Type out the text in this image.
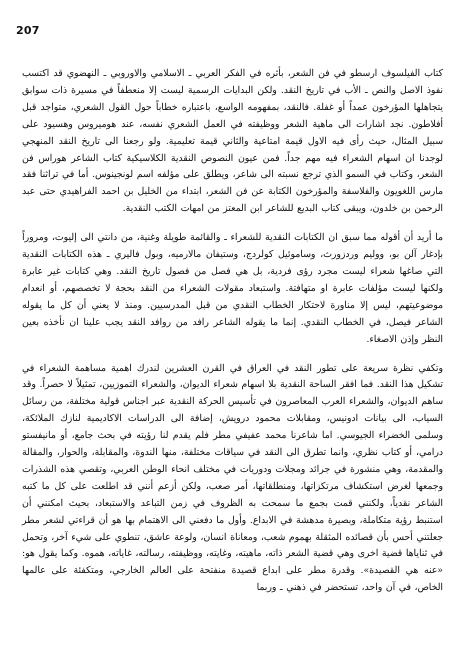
207

كتاب الفيلسوف ارسطو في فن الشعر، بأثره في الفكر العربي ـ الاسلامي والاوروبي ـ النهضوي قد اكتسب نفوذ الاصل والنص ـ الأب في تاريخ النقد. ولكن البدايات الرسمية ليست إلا منعطفاً في مسيرة ذات سوابق يتجاهلها المؤرخون عمداً أو غفلة. فالنقد، بمفهومه الواسع، باعتباره خطاباً حول القول الشعري، متواجد قبل أفلاطون. نجد اشارات الى ماهية الشعر ووظيفته في العمل الشعري نفسه، عند هوميروس وهسيود على سبيل المثال، حيث رأى فيه الاول قيمة امتاعية والثاني قيمة تعليمية. ولو رجعنا الى تاريخ النقد المنهجي لوجدنا ان اسهام الشعراء فيه مهم جداً. فمن عيون النصوص النقدية الكلاسيكية كتاب الشاعر هوراس فن الشعر، وكتاب في السمو الذي ترجع نسبته الى شاعر، ويطلق على مؤلفه اسم لونجينوس. أما في تراثنا فقد مارس اللغويون والفلاسفة والمؤرخون الكتابة عن فن الشعر، ابتداء من الخليل بن احمد الفراهيدي حتى عبد الرحمن بن خلدون، ويبقى كتاب البديع للشاعر ابن المعتز من امهات الكتب النقدية.

ما أريد أن أقوله مما سبق ان الكتابات النقدية للشعراء ـ والقائمة طويلة وغنية، من دانتي الى إليوت، ومروراً بإدغار آلن بو، ووليم وردزورث، وساموئيل كولردج، وستيفان مالارميه، وبول فاليري ـ هذه الكتابات النقدية التي صاغها شعراء ليست مجرد رؤى فردية، بل هي فصل من فصول تاريخ النقد. وهي كتابات غير عابرة ولكنها ليست مؤلفات عابرة او متهافتة. واستبعاد مقولات الشعراء من النقد بحجة لا تخصصهم، أو انعدام موضوعيتهم، ليس إلا مناورة لاحتكار الخطاب النقدي من قبل المدرسيين. ومنذ لا يعني أن كل ما يقوله الشاعر فيصل، في الخطاب النقدي. إنما ما يقوله الشاعر رافد من روافد النقد يجب علينا ان نأخذه بعين النظر وإذن الاصغاء.

وتكفي نظرة سريعة على تطور النقد في العراق في القرن العشرين لندرك اهمية مساهمة الشعراء في تشكيل هذا النقد. فما افقر الساحة النقدية بلا اسهام شعراء الديوان، والشعراء التموزيين، تمثيلاً لا حصراً. وقد ساهم الديوان، والشعراء العرب المعاصرون في تأسيس الحركة النقدية عبر اجناس قولية مختلفة، من رسائل السياب، الى بيانات ادونيس، ومقابلات محمود درويش، إضافة الى الدراسات الاكاديمية لنازك الملائكة، وسلمى الخضراء الجيوسي. اما شاعرنا محمد عفيفي مطر فلم يقدم لنا رؤيته في بحث جامع، أو مانيفستو درامي، أو كتاب نظري، وانما تطرق الى النقد في سياقات مختلفة، منها الندوة، والمقابلة، والحوار، والمقالة والمقدمة، وهي منشورة في جرائد ومجلات ودوريات في مختلف انحاء الوطن العربي، وتقصي هذه الشذرات وجمعها لغرض استكشاف مرتكزاتها، ومنطلقاتها، أمر صعب، ولكن أزعم أنني قد اطلعت على كل ما كتبه الشاعر نقدياً، ولكنني قمت بجمع ما سمحت به الظروف في زمن التباعد والاستبعاد، بحيث امكنني أن استنبط رؤية متكاملة، وبصيرة مدهشة في الابداع. وأول ما دفعني الى الاهتمام بها هو أن قراءتي لشعر مطر جعلتني أحس بأن قصائده المثقلة بهموم شعب، ومعاناة انسان، ولوعة عاشق، تنطوي على شيء آخر، وتحمل في ثناياها قضية اخرى وهي قضية الشعر ذاته، ماهيته، وغايته، ووظيفته، رسالته، غاياته، هموه. وكما يقول هو: «عنه هي القصيدة». وقدرة مطر على ابداع قصيدة منفتحة على العالم الخارجي، ومتكفئة على عالمها الخاص، في آن واحد، تستحضر في ذهني ـ وربما
